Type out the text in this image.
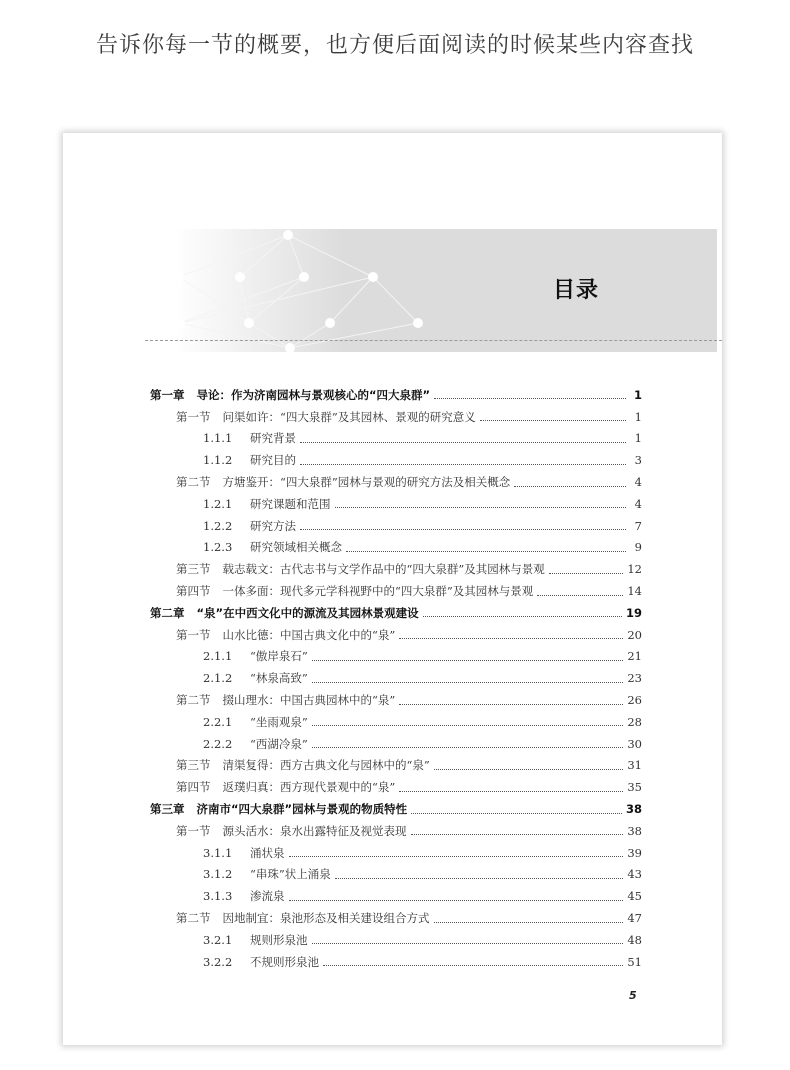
告诉你每一节的概要，也方便后面阅读的时候某些内容查找
目录
第一章 导论：作为济南园林与景观核心的“四大泉群”	1
第一节 问渠如许：“四大泉群”及其园林、景观的研究意义	1
1.1.1	研究背景	1
1.1.2	研究目的	3
第二节 方塘鉴开：“四大泉群”园林与景观的研究方法及相关概念	4
1.2.1	研究课题和范围	4
1.2.2	研究方法	7
1.2.3	研究领域相关概念	9
第三节 载志载文：古代志书与文学作品中的“四大泉群”及其园林与景观	12
第四节 一体多面：现代多元学科视野中的“四大泉群”及其园林与景观	14
第二章 “泉”在中西文化中的源流及其园林景观建设	19
第一节 山水比德：中国古典文化中的“泉”	20
2.1.1	“傲岸泉石”	21
2.1.2	“林泉高致”	23
第二节 掇山理水：中国古典园林中的“泉”	26
2.2.1	“坐雨观泉”	28
2.2.2	“西湖冷泉”	30
第三节 清渠复得：西方古典文化与园林中的“泉”	31
第四节 返璞归真：西方现代景观中的“泉”	35
第三章 济南市“四大泉群”园林与景观的物质特性	38
第一节 源头活水：泉水出露特征及视觉表现	38
3.1.1	涌状泉	39
3.1.2	“串珠”状上涌泉	43
3.1.3	渗流泉	45
第二节 因地制宜：泉池形态及相关建设组合方式	47
3.2.1	规则形泉池	48
3.2.2	不规则形泉池	51
5
